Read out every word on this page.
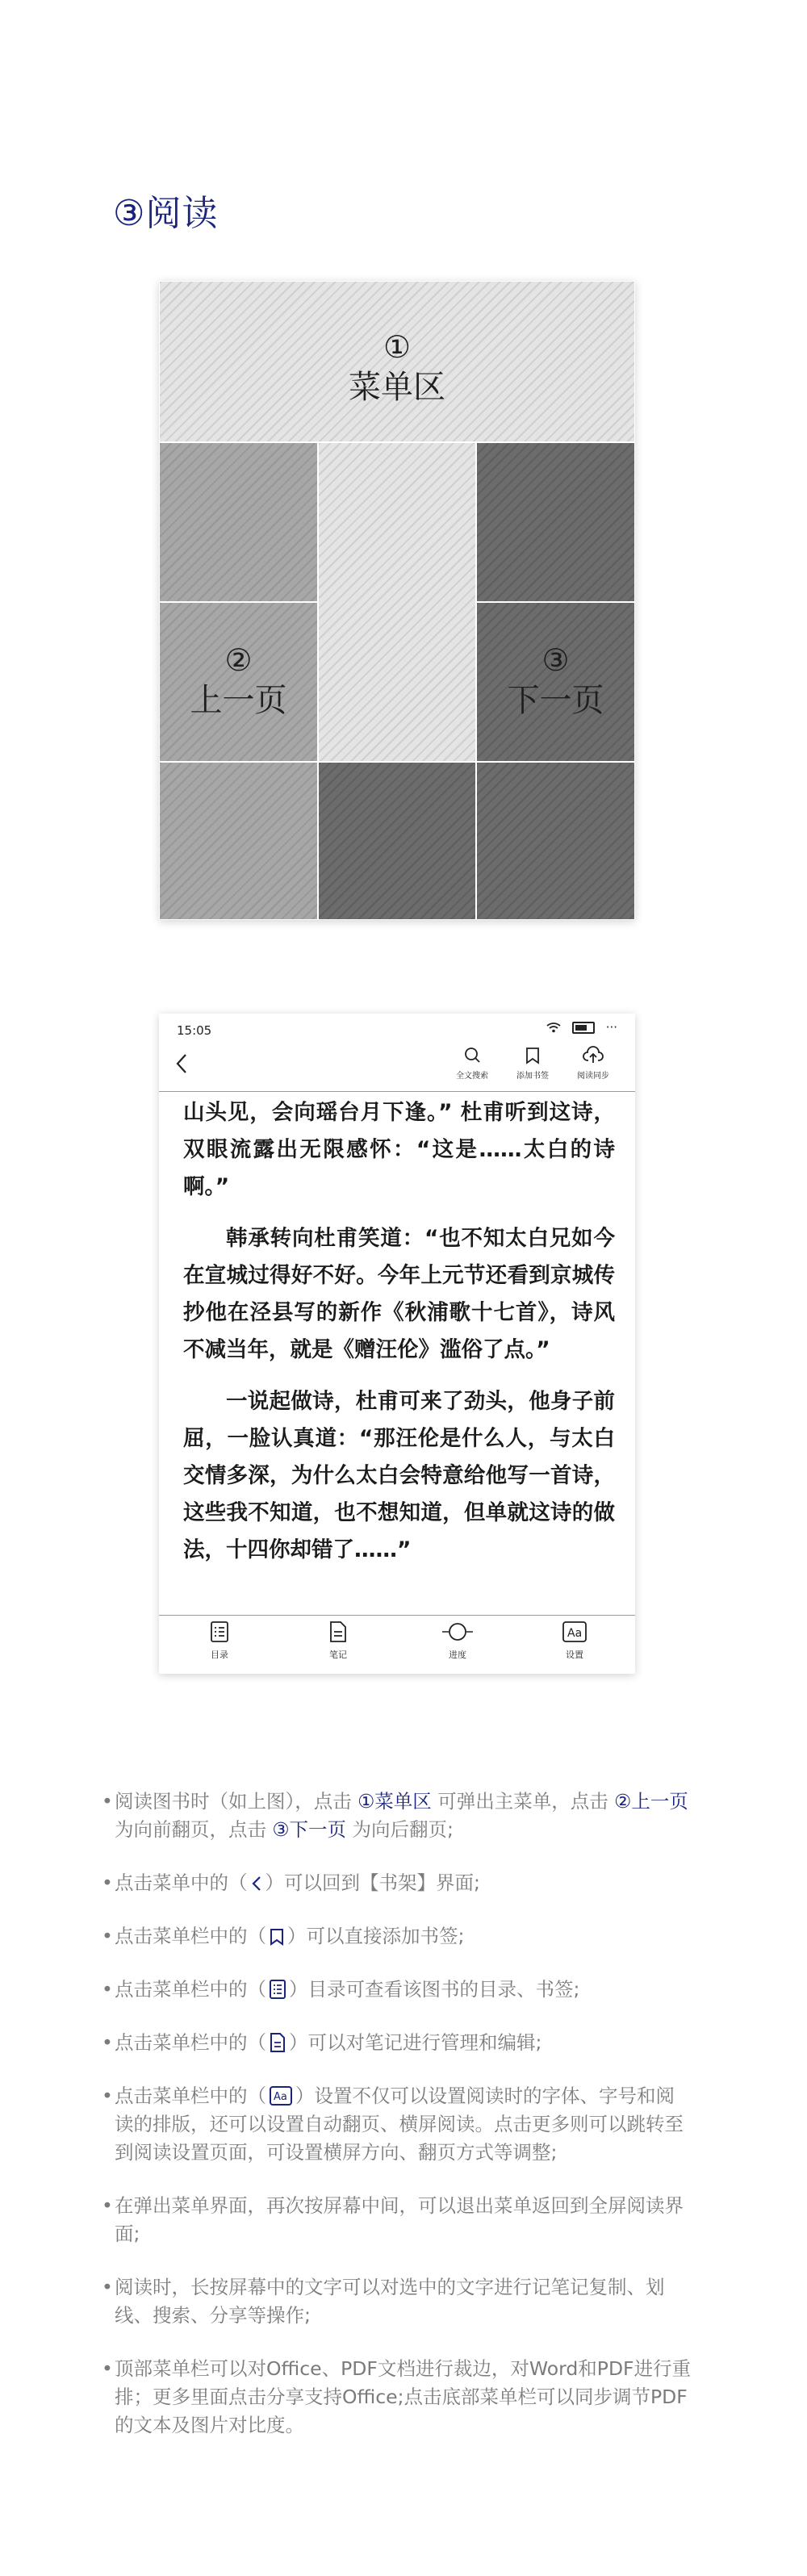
③阅读
①
菜单区
②
上一页
③
下一页
15:05	···
全文搜索	添加书签	阅读同步

山头见，会向瑶台月下逢。” 杜甫听到这诗，双眼流露出无限感怀：“这是……太白的诗啊。”

韩承转向杜甫笑道：“也不知太白兄如今在宣城过得好不好。今年上元节还看到京城传抄他在泾县写的新作《秋浦歌十七首》，诗风不减当年，就是《赠汪伦》滥俗了点。”

一说起做诗，杜甫可来了劲头，他身子前屈，一脸认真道：“那汪伦是什么人，与太白交情多深，为什么太白会特意给他写一首诗，这些我不知道，也不想知道，但单就这诗的做法，十四你却错了……”

目录	笔记	进度
Aa
设置
• 阅读图书时（如上图），点击 ①菜单区 可弹出主菜单，点击 ②上一页 为向前翻页，点击 ③下一页 为向后翻页;
• 点击菜单中的（ ）可以回到【书架】界面;
• 点击菜单栏中的（ ）可以直接添加书签;
• 点击菜单栏中的（ ）目录可查看该图书的目录、书签;
• 点击菜单栏中的（ ）可以对笔记进行管理和编辑;
• 点击菜单栏中的（ Aa ）设置不仅可以设置阅读时的字体、字号和阅读的排版，还可以设置自动翻页、横屏阅读。点击更多则可以跳转至到阅读设置页面，可设置横屏方向、翻页方式等调整;
• 在弹出菜单界面，再次按屏幕中间，可以退出菜单返回到全屏阅读界面;
• 阅读时，长按屏幕中的文字可以对选中的文字进行记笔记复制、划线、搜索、分享等操作;
• 顶部菜单栏可以对Office、PDF文档进行裁边，对Word和PDF进行重排；更多里面点击分享支持Office;点击底部菜单栏可以同步调节PDF的文本及图片对比度。
